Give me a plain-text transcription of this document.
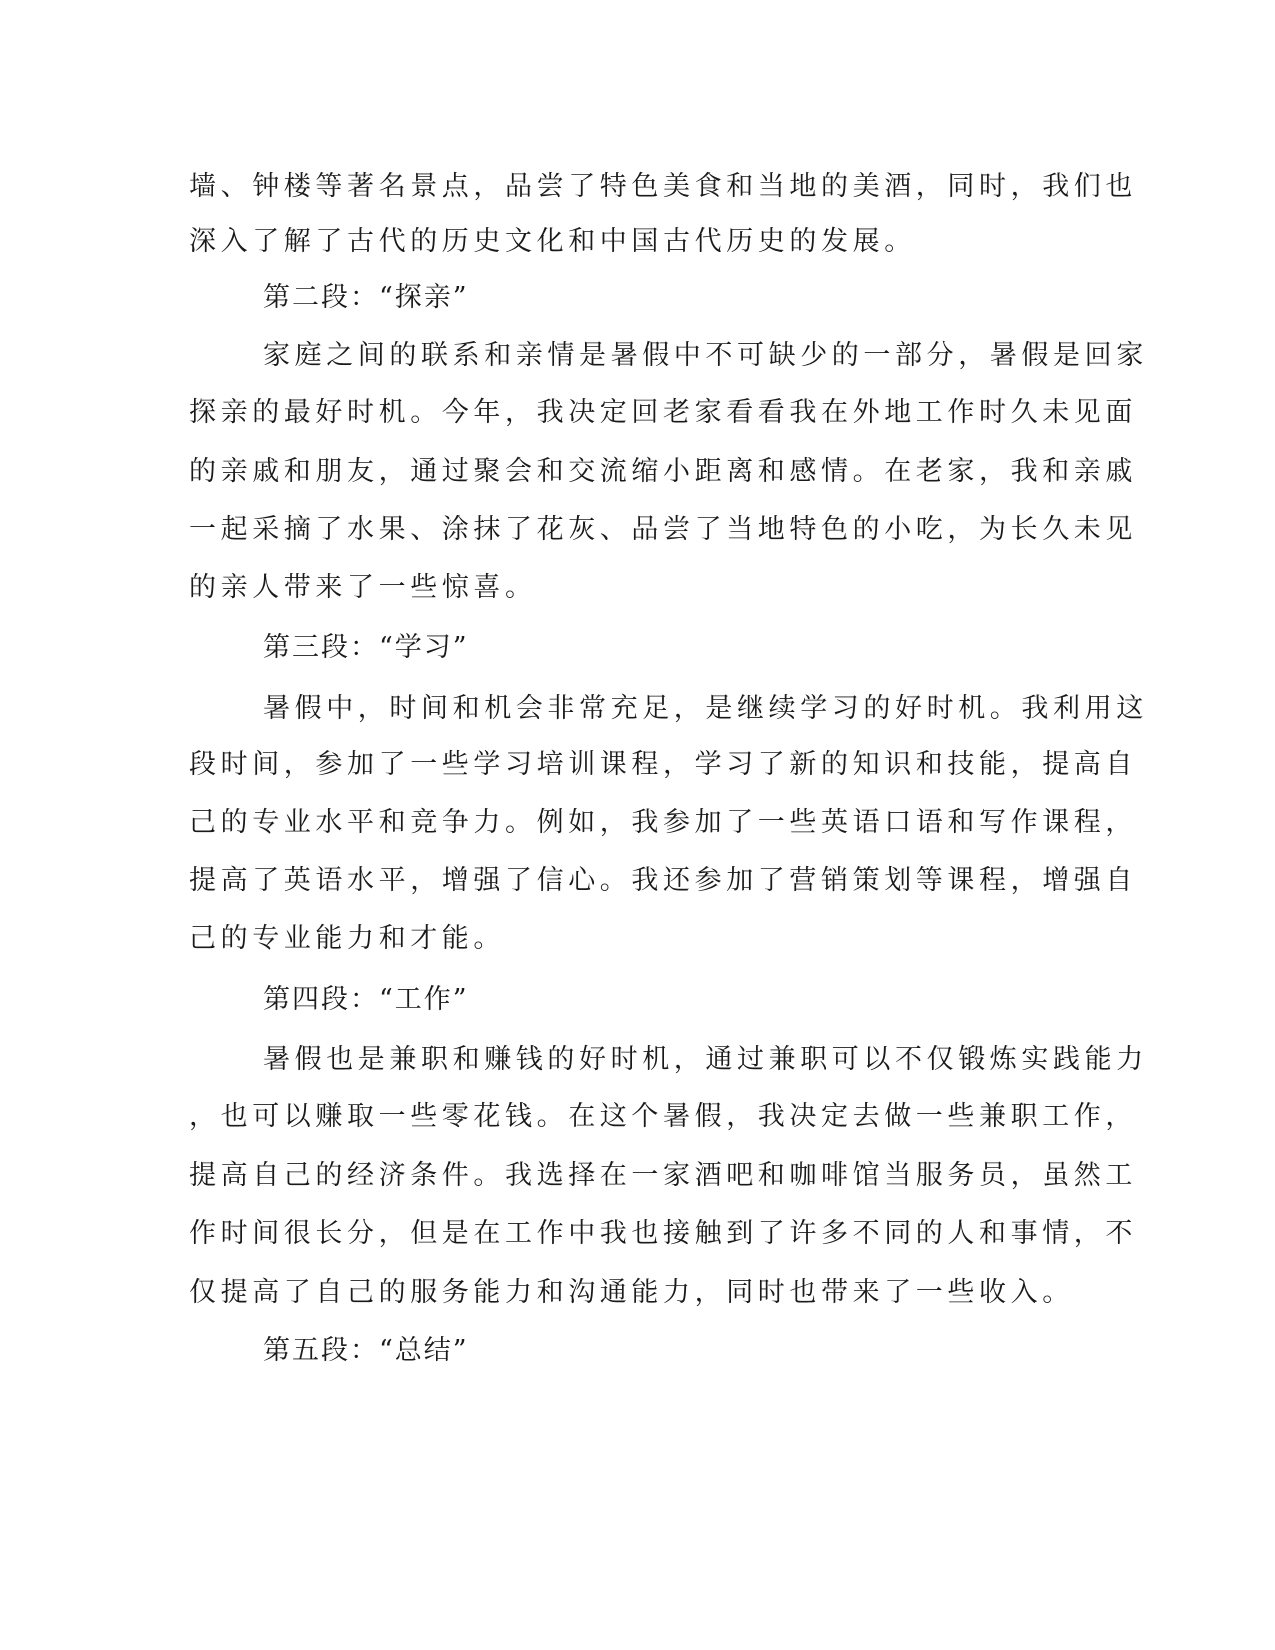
墙、钟楼等著名景点，品尝了特色美食和当地的美酒，同时，我们也
深入了解了古代的历史文化和中国古代历史的发展。
第二段：“探亲”
家庭之间的联系和亲情是暑假中不可缺少的一部分，暑假是回家
探亲的最好时机。今年，我决定回老家看看我在外地工作时久未见面
的亲戚和朋友，通过聚会和交流缩小距离和感情。在老家，我和亲戚
一起采摘了水果、涂抹了花灰、品尝了当地特色的小吃，为长久未见
的亲人带来了一些惊喜。
第三段：“学习”
暑假中，时间和机会非常充足，是继续学习的好时机。我利用这
段时间，参加了一些学习培训课程，学习了新的知识和技能，提高自
己的专业水平和竞争力。例如，我参加了一些英语口语和写作课程，
提高了英语水平，增强了信心。我还参加了营销策划等课程，增强自
己的专业能力和才能。
第四段：“工作”
暑假也是兼职和赚钱的好时机，通过兼职可以不仅锻炼实践能力
，也可以赚取一些零花钱。在这个暑假，我决定去做一些兼职工作，
提高自己的经济条件。我选择在一家酒吧和咖啡馆当服务员，虽然工
作时间很长分，但是在工作中我也接触到了许多不同的人和事情，不
仅提高了自己的服务能力和沟通能力，同时也带来了一些收入。
第五段：“总结”
